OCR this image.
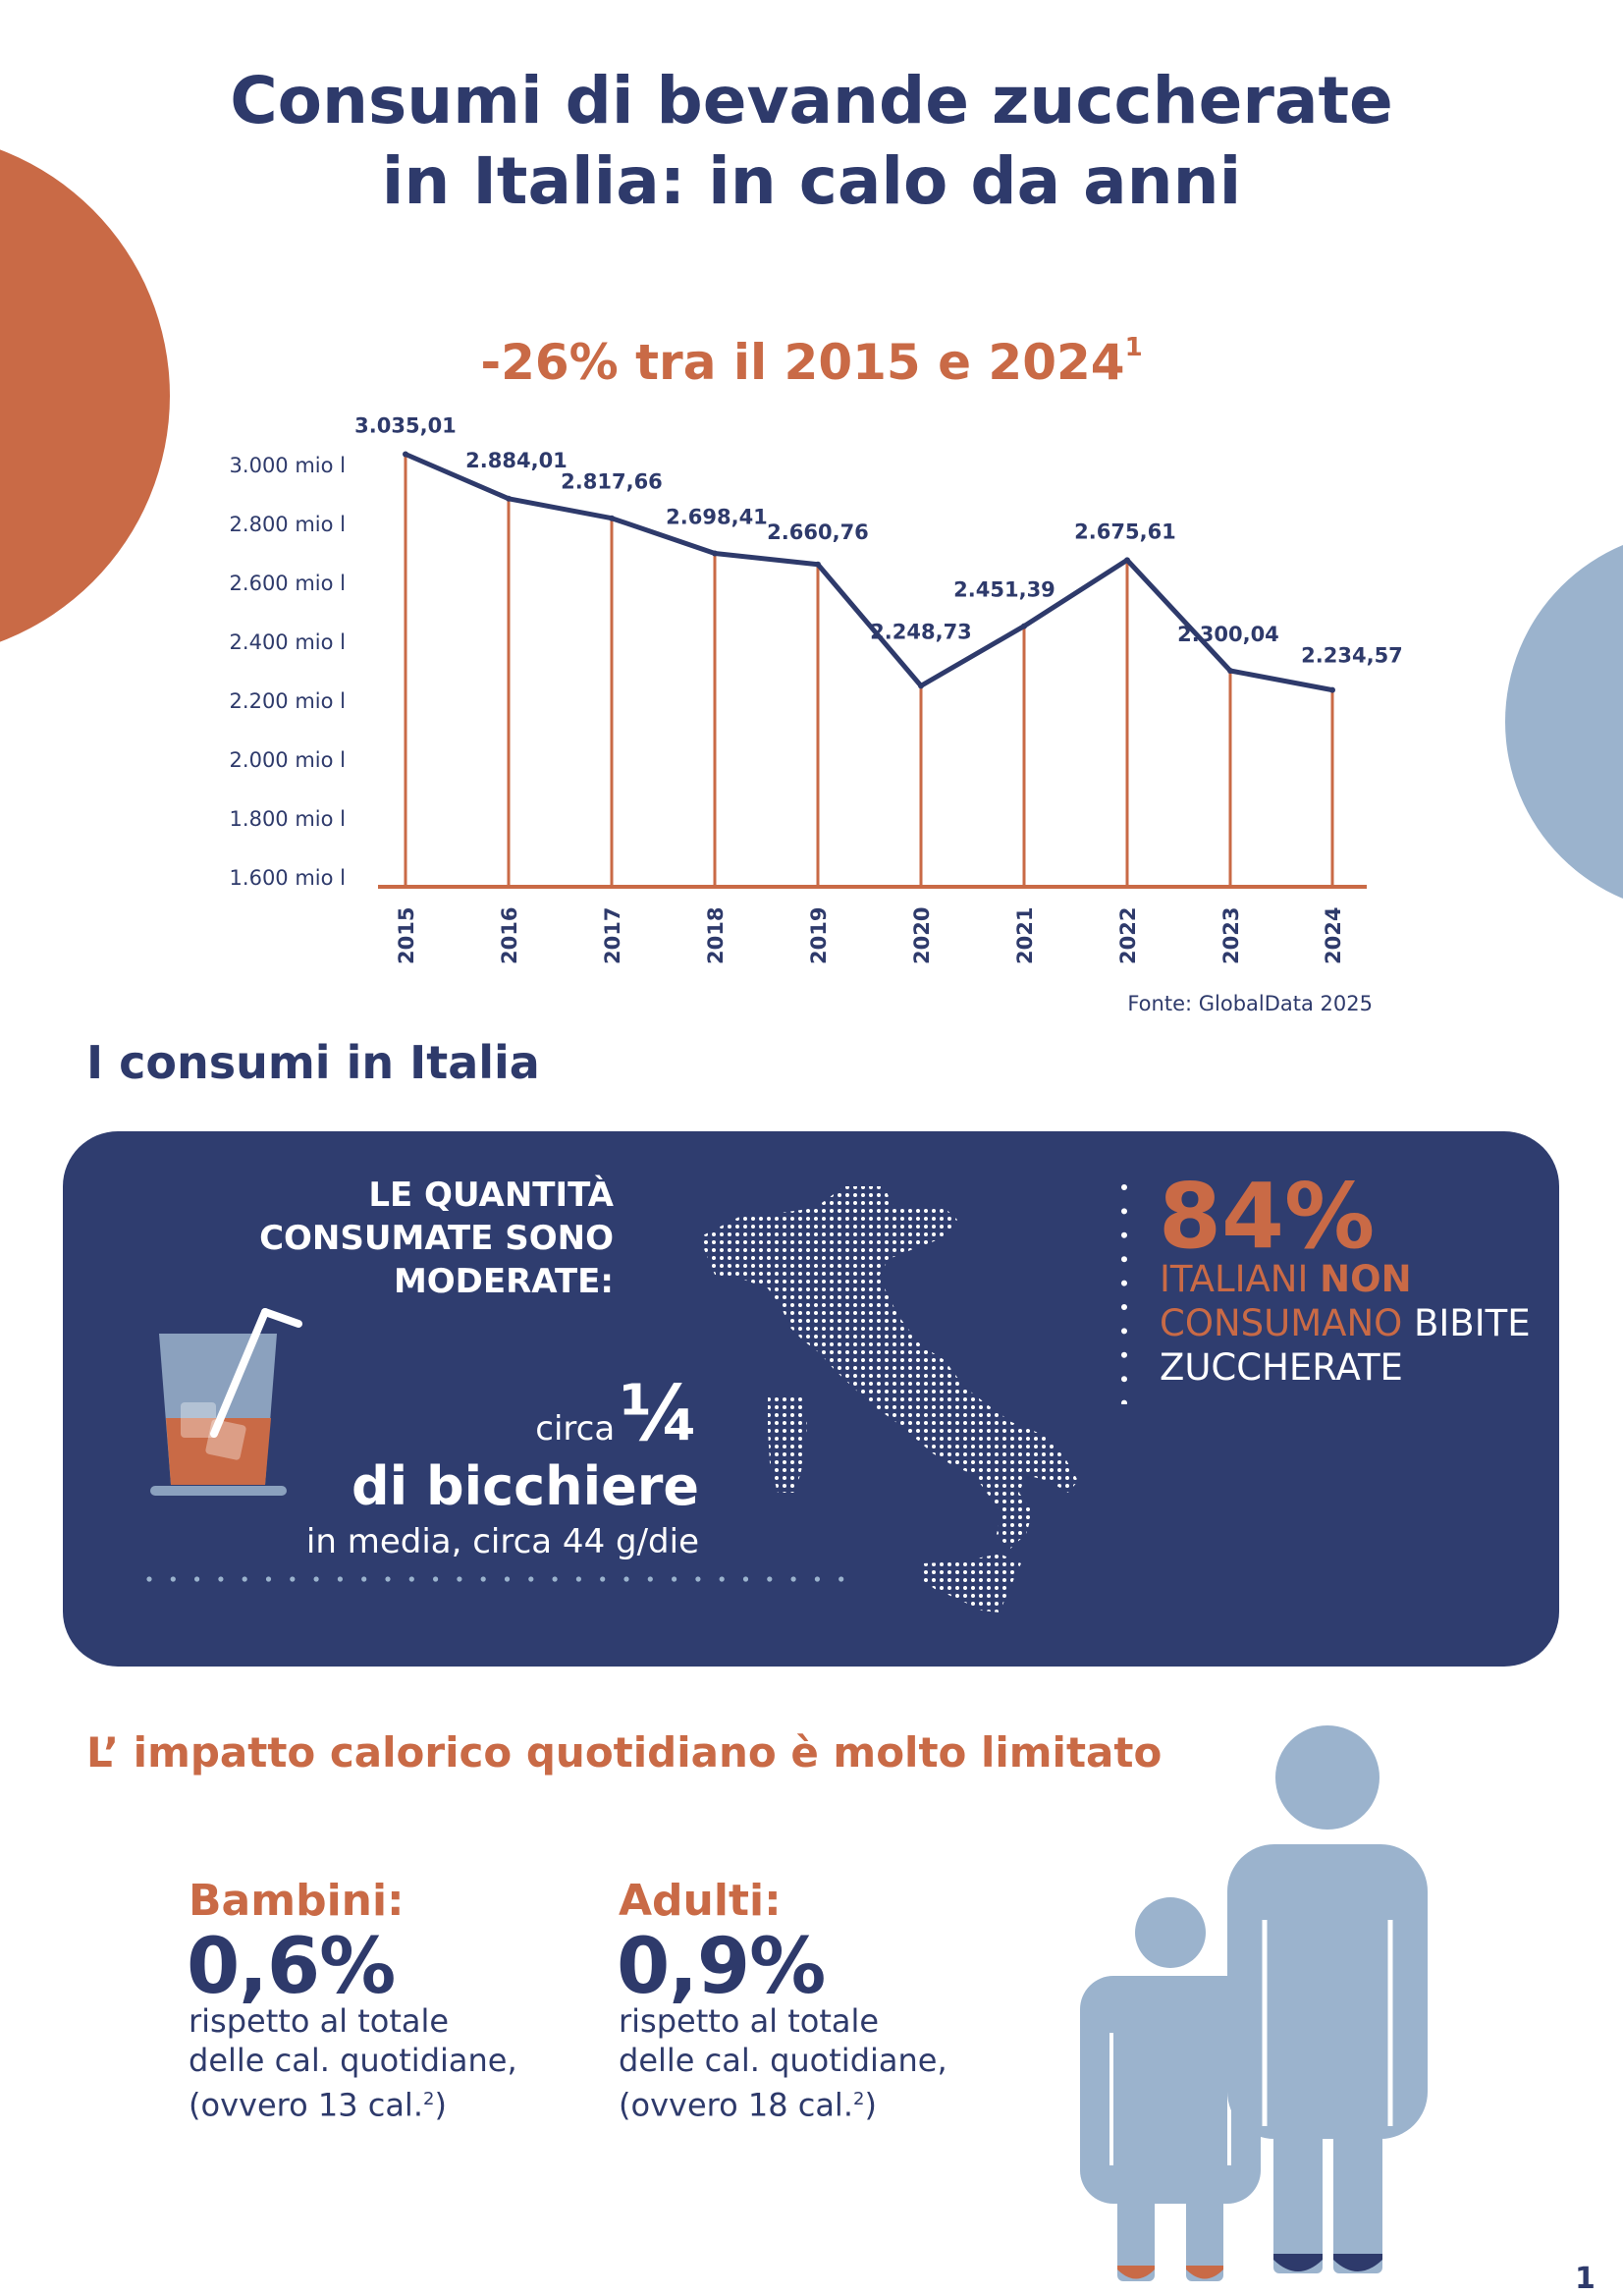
Consumi di bevande zuccherate
in Italia: in calo da anni
-26% tra il 2015 e 2024$^1$
1.600 mio l
1.800 mio l
2.000 mio l
2.200 mio l
2.400 mio l
2.600 mio l
2.800 mio l
3.000 mio l
3.035,01
2.884,01
2.817,66
2.698,41
2.660,76
2.248,73
2.451,39
2.675,61
2.300,04
2.234,57
2015	2016	2017	2018	2019	2020	2021	2022	2023	2024
Fonte: GlobalData 2025
I consumi in Italia
LE QUANTITÀ
CONSUMATE SONO
MODERATE:
circa ¼
di bicchiere
in media, circa 44 g/die
84%
ITALIANI NON
CONSUMANO BIBITE
ZUCCHERATE
L’ impatto calorico quotidiano è molto limitato
Bambini:
0,6%
rispetto al totale
delle cal. quotidiane,
(ovvero 13 cal.$^2$)
Adulti:
0,9%
rispetto al totale
delle cal. quotidiane,
(ovvero 18 cal.$^2$)
1
